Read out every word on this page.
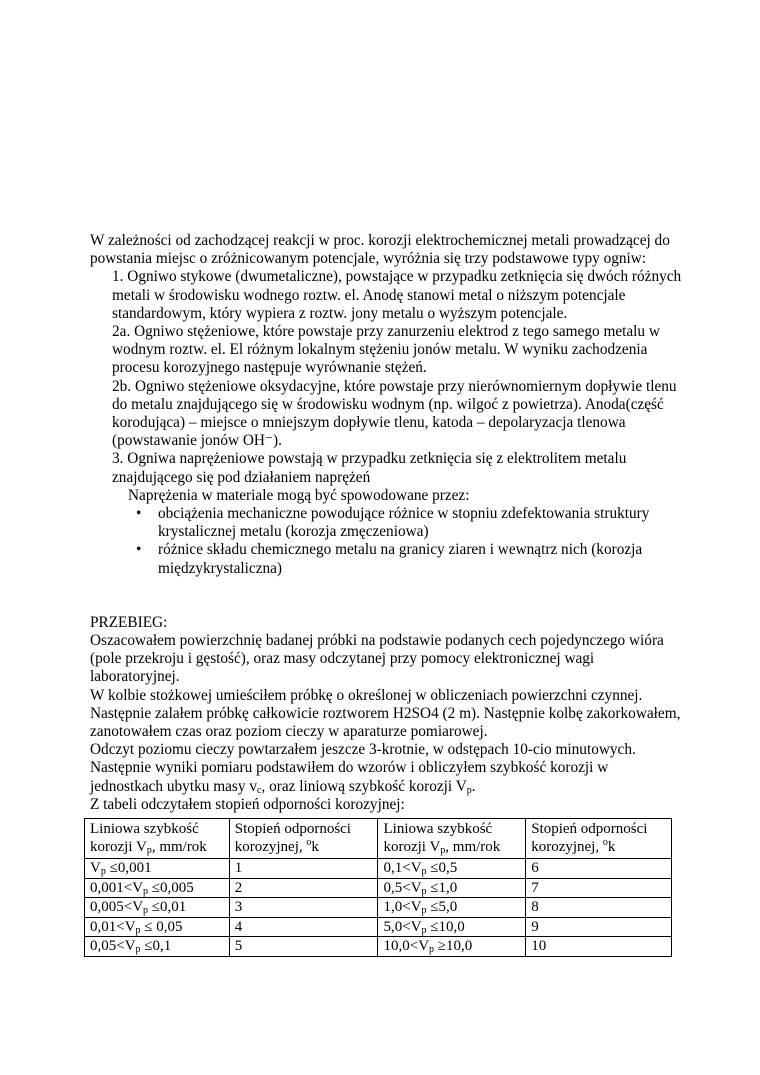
W zależności od zachodzącej reakcji w proc. korozji elektrochemicznej metali prowadzącej do powstania miejsc o zróżnicowanym potencjale, wyróżnia się trzy podstawowe typy ogniw:

1. Ogniwo stykowe (dwumetaliczne), powstające w przypadku zetknięcia się dwóch różnych metali w środowisku wodnego roztw. el. Anodę stanowi metal o niższym potencjale standardowym, który wypiera z roztw. jony metalu o wyższym potencjale.

2a. Ogniwo stężeniowe, które powstaje przy zanurzeniu elektrod z tego samego metalu w wodnym roztw. el. El różnym lokalnym stężeniu jonów metalu. W wyniku zachodzenia procesu korozyjnego następuje wyrównanie stężeń.

2b. Ogniwo stężeniowe oksydacyjne, które powstaje przy nierównomiernym dopływie tlenu do metalu znajdującego się w środowisku wodnym (np. wilgoć z powietrza). Anoda(część korodująca) – miejsce o mniejszym dopływie tlenu, katoda – depolaryzacja tlenowa (powstawanie jonów OH⁻).

3. Ogniwa naprężeniowe powstają w przypadku zetknięcia się z elektrolitem metalu znajdującego się pod działaniem naprężeń

Naprężenia w materiale mogą być spowodowane przez:

• obciążenia mechaniczne powodujące różnice w stopniu zdefektowania struktury krystalicznej metalu (korozja zmęczeniowa)
• różnice składu chemicznego metalu na granicy ziaren i wewnątrz nich (korozja międzykrystaliczna)

PRZEBIEG:

Oszacowałem powierzchnię badanej próbki na podstawie podanych cech pojedynczego wióra (pole przekroju i gęstość), oraz masy odczytanej przy pomocy elektronicznej wagi laboratoryjnej.

W kolbie stożkowej umieściłem próbkę o określonej w obliczeniach powierzchni czynnej. Następnie zalałem próbkę całkowicie roztworem H2SO4 (2 m). Następnie kolbę zakorkowałem, zanotowałem czas oraz poziom cieczy w aparaturze pomiarowej.

Odczyt poziomu cieczy powtarzałem jeszcze 3-krotnie, w odstępach 10-cio minutowych.

Następnie wyniki pomiaru podstawiłem do wzorów i obliczyłem szybkość korozji w jednostkach ubytku masy $v_c$, oraz liniową szybkość korozji $V_p$.

Z tabeli odczytałem stopień odporności korozyjnej:

Liniowa szybkość
korozji $V_p$, mm/rok	Stopień odporności
korozyjnej, $^o$k	Liniowa szybkość
korozji $V_p$, mm/rok	Stopień odporności
korozyjnej, $^o$k
$V_p \le 0,001$	1	$0,1<V_p \le 0,5$	6
$0,001<V_p \le 0,005$	2	$0,5<V_p \le 1,0$	7
$0,005<V_p \le 0,01$	3	$1,0<V_p \le 5,0$	8
$0,01<V_p \le 0,05$	4	$5,0<V_p \le 10,0$	9
$0,05<V_p \le 0,1$	5	$10,0<V_p \ge 10,0$	10
